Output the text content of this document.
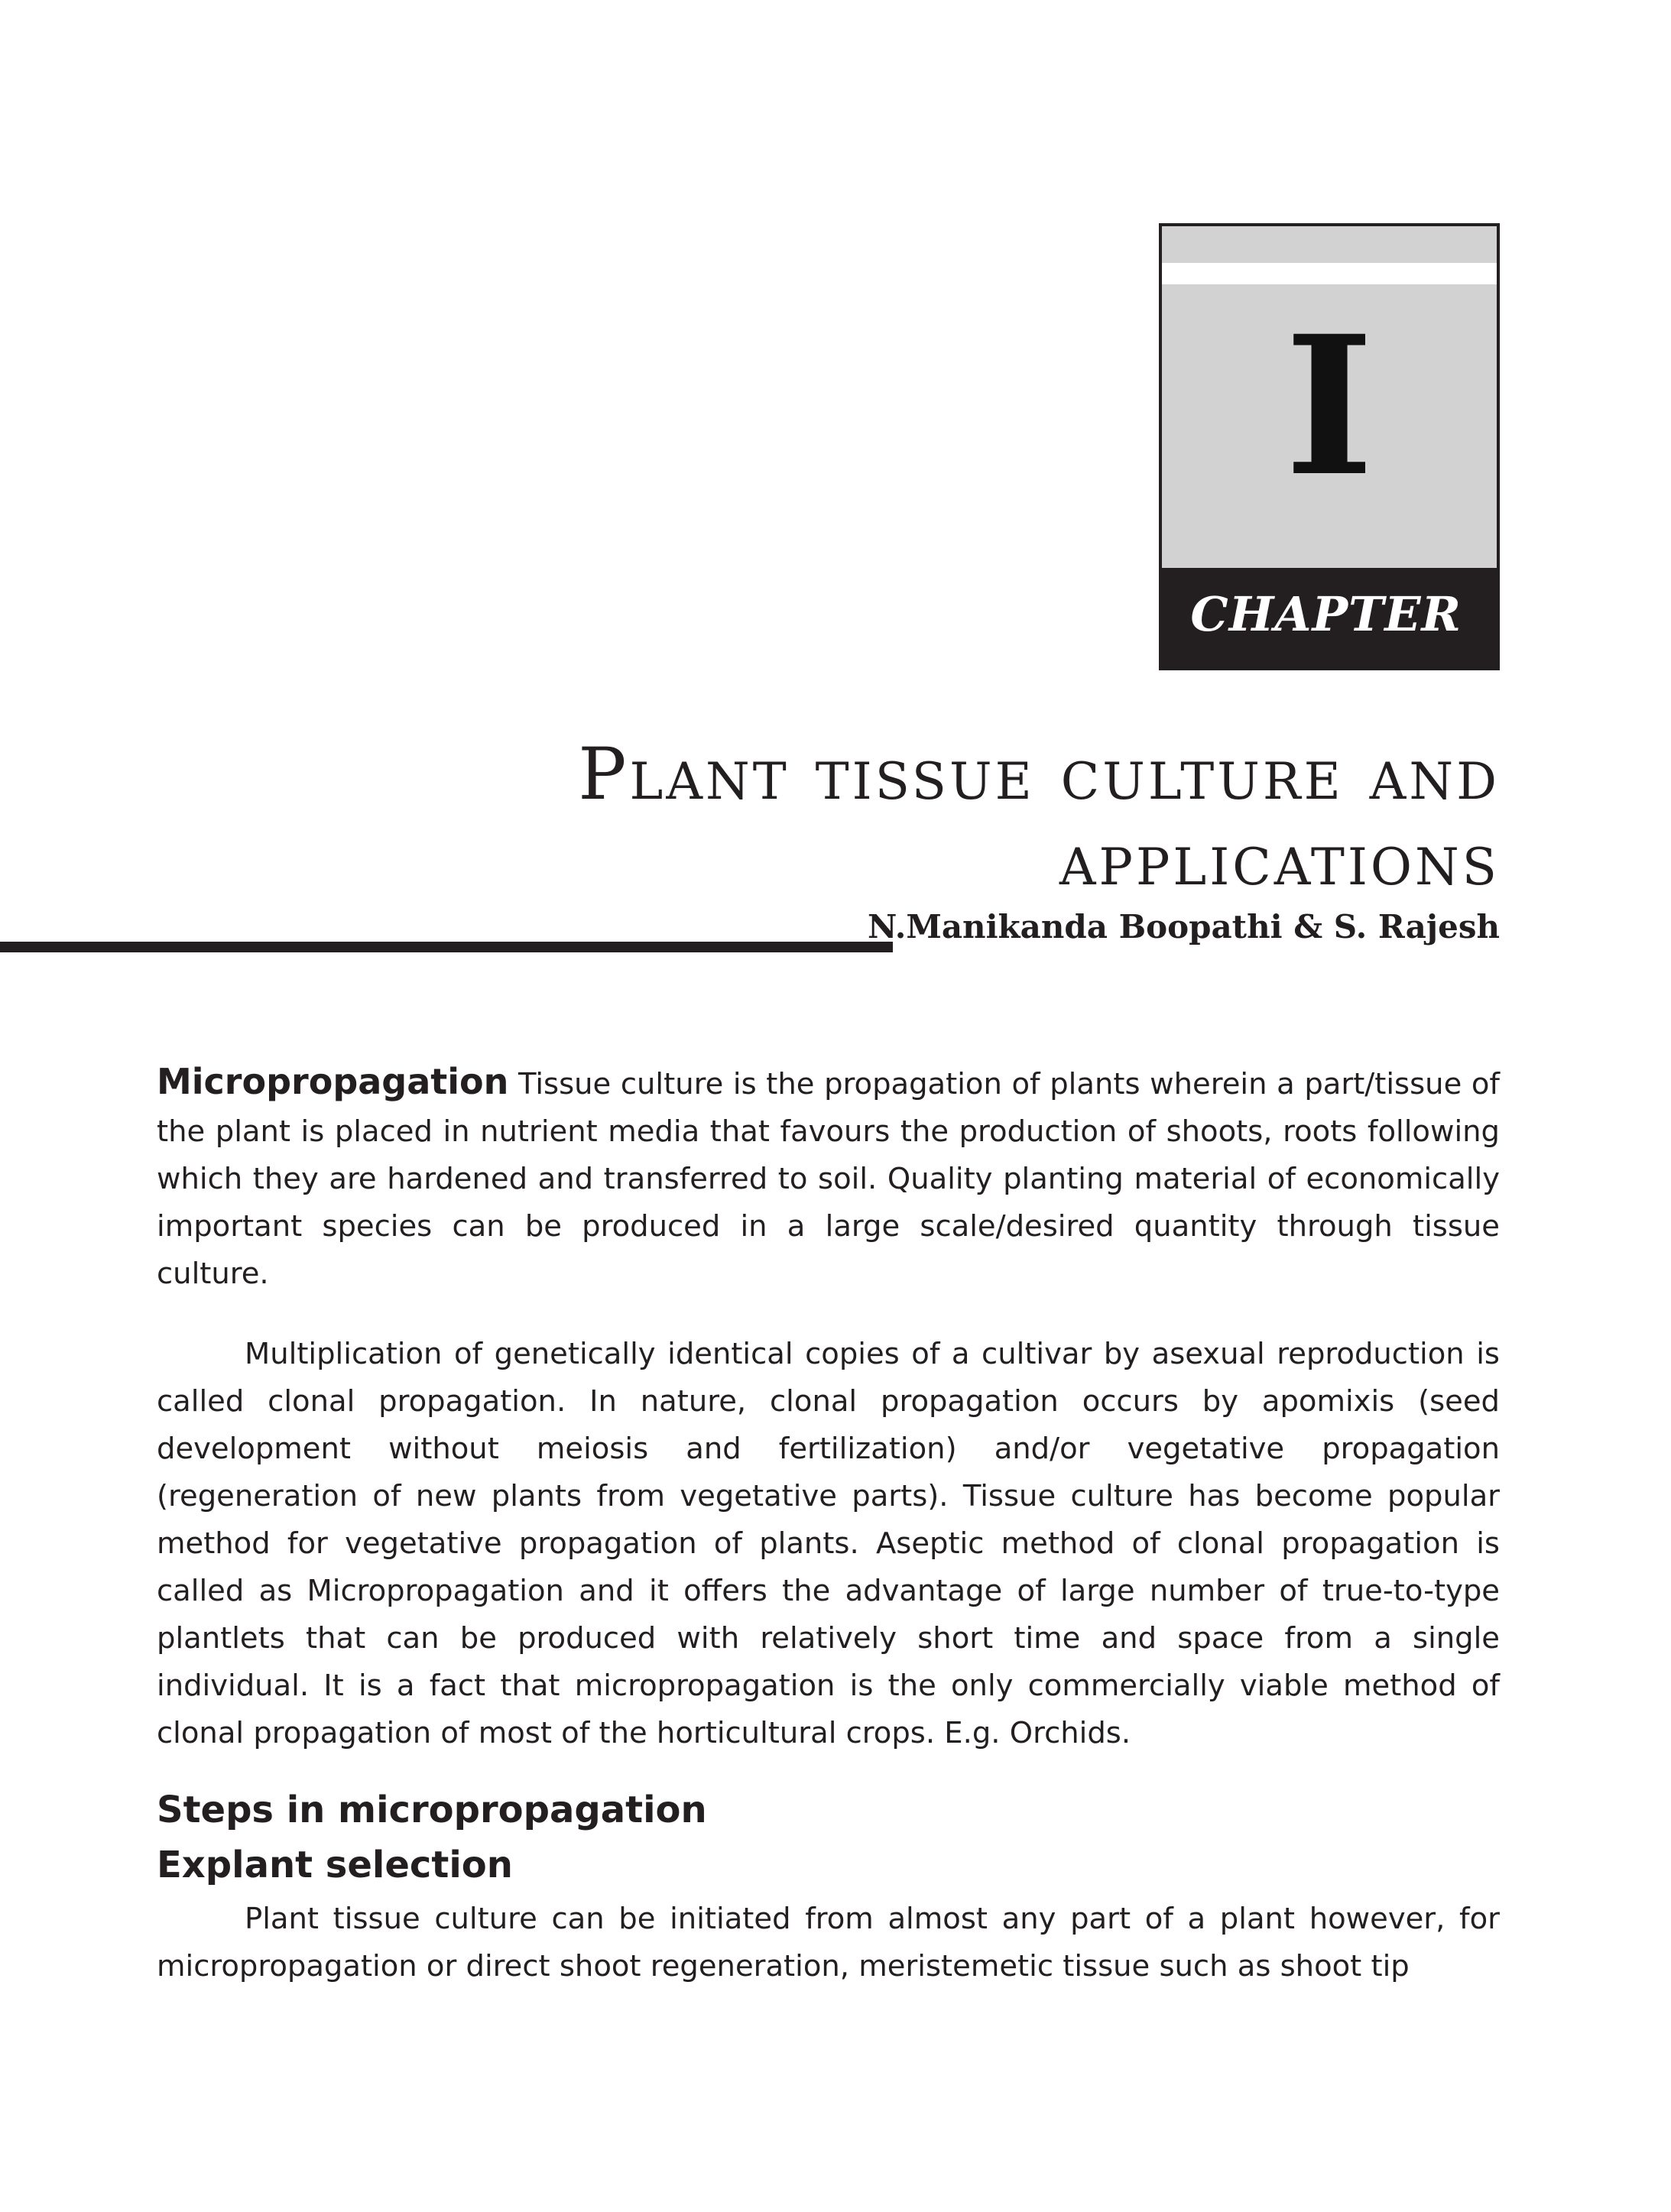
I
CHAPTER
Plant tissue culture and
applications
N.Manikanda Boopathi & S. Rajesh

Micropropagation Tissue culture is the propagation of plants wherein a part/tissue of the plant is placed in nutrient media that favours the production of shoots, roots following which they are hardened and transferred to soil. Quality planting material of economically important species can be produced in a large scale/desired quantity through tissue culture.

Multiplication of genetically identical copies of a cultivar by asexual reproduction is called clonal propagation. In nature, clonal propagation occurs by apomixis (seed development without meiosis and fertilization) and/or vegetative propagation (regeneration of new plants from vegetative parts). Tissue culture has become popular method for vegetative propagation of plants. Aseptic method of clonal propagation is called as Micropropagation and it offers the advantage of large number of true-to-type plantlets that can be produced with relatively short time and space from a single individual. It is a fact that micropropagation is the only commercially viable method of clonal propagation of most of the horticultural crops. E.g. Orchids.

Steps in micropropagation
Explant selection

Plant tissue culture can be initiated from almost any part of a plant however, for micropropagation or direct shoot regeneration, meristemetic tissue such as shoot tip
